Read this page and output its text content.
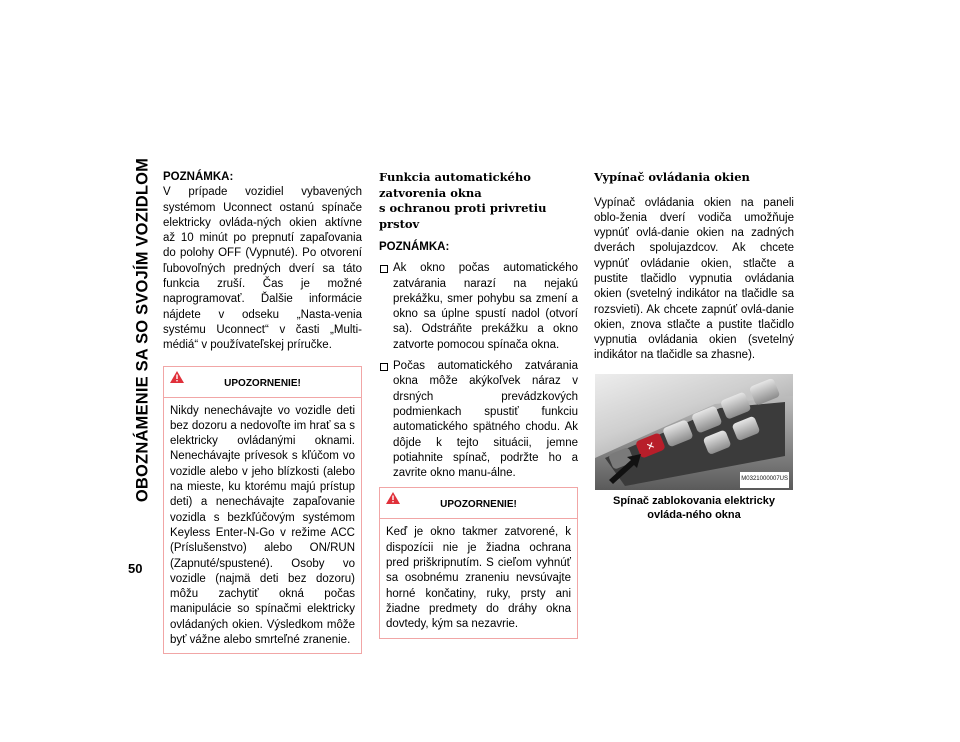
OBOZNÁMENIE SA SO SVOJÍM VOZIDLOM
50
POZNÁMKA:

V prípade vozidiel vybavených systémom Uconnect ostanú spínače elektricky ovláda-ných okien aktívne až 10 minút po prepnutí zapaľovania do polohy OFF (Vypnuté). Po otvorení ľubovoľných predných dverí sa táto funkcia zruší. Čas je možné naprogramovať. Ďalšie informácie nájdete v odseku „Nasta-venia systému Uconnect“ v časti „Multi-médiá“ v používateľskej príručke.

UPOZORNENIE!
Nikdy nenechávajte vo vozidle deti bez dozoru a nedovoľte im hrať sa s elektricky ovládanými oknami. Nenechávajte prívesok s kľúčom vo vozidle alebo v jeho blízkosti (alebo na mieste, ku ktorému majú prístup deti) a nenechávajte zapaľovanie vozidla s bezkľúčovým systémom Keyless Enter-N-Go v režime ACC (Príslušenstvo) alebo ON/RUN (Zapnuté/spustené). Osoby vo vozidle (najmä deti bez dozoru) môžu zachytiť okná počas manipulácie so spínačmi elektricky ovládaných okien. Výsledkom môže byť vážne alebo smrteľné zranenie.
Funkcia automatického zatvorenia okna
s ochranou proti privretiu prstov
POZNÁMKA:
Ak okno počas automatického zatvárania narazí na nejakú prekážku, smer pohybu sa zmení a okno sa úplne spustí nadol (otvorí sa). Odstráňte prekážku a okno zatvorte pomocou spínača okna.
Počas automatického zatvárania okna môže akýkoľvek náraz v drsných prevádzkových podmienkach spustiť funkciu automatického spätného chodu. Ak dôjde k tejto situácii, jemne potiahnite spínač, podržte ho a zavrite okno manu-álne.
UPOZORNENIE!
Keď je okno takmer zatvorené, k dispozícii nie je žiadna ochrana pred priškripnutím. S cieľom vyhnúť sa osobnému zraneniu nevsúvajte horné končatiny, ruky, prsty ani žiadne predmety do dráhy okna dovtedy, kým sa nezavrie.
Vypínač ovládania okien

Vypínač ovládania okien na paneli oblo-ženia dverí vodiča umožňuje vypnúť ovlá-danie okien na zadných dverách spolujazdcov. Ak chcete vypnúť ovládanie okien, stlačte a pustite tlačidlo vypnutia ovládania okien (svetelný indikátor na tlačidle sa rozsvieti). Ak chcete zapnúť ovlá-danie okien, znova stlačte a pustite tlačidlo vypnutia ovládania okien (svetelný indikátor na tlačidle sa zhasne).

✕
M0321000007US
Spínač zablokovania elektricky ovláda-ného okna
